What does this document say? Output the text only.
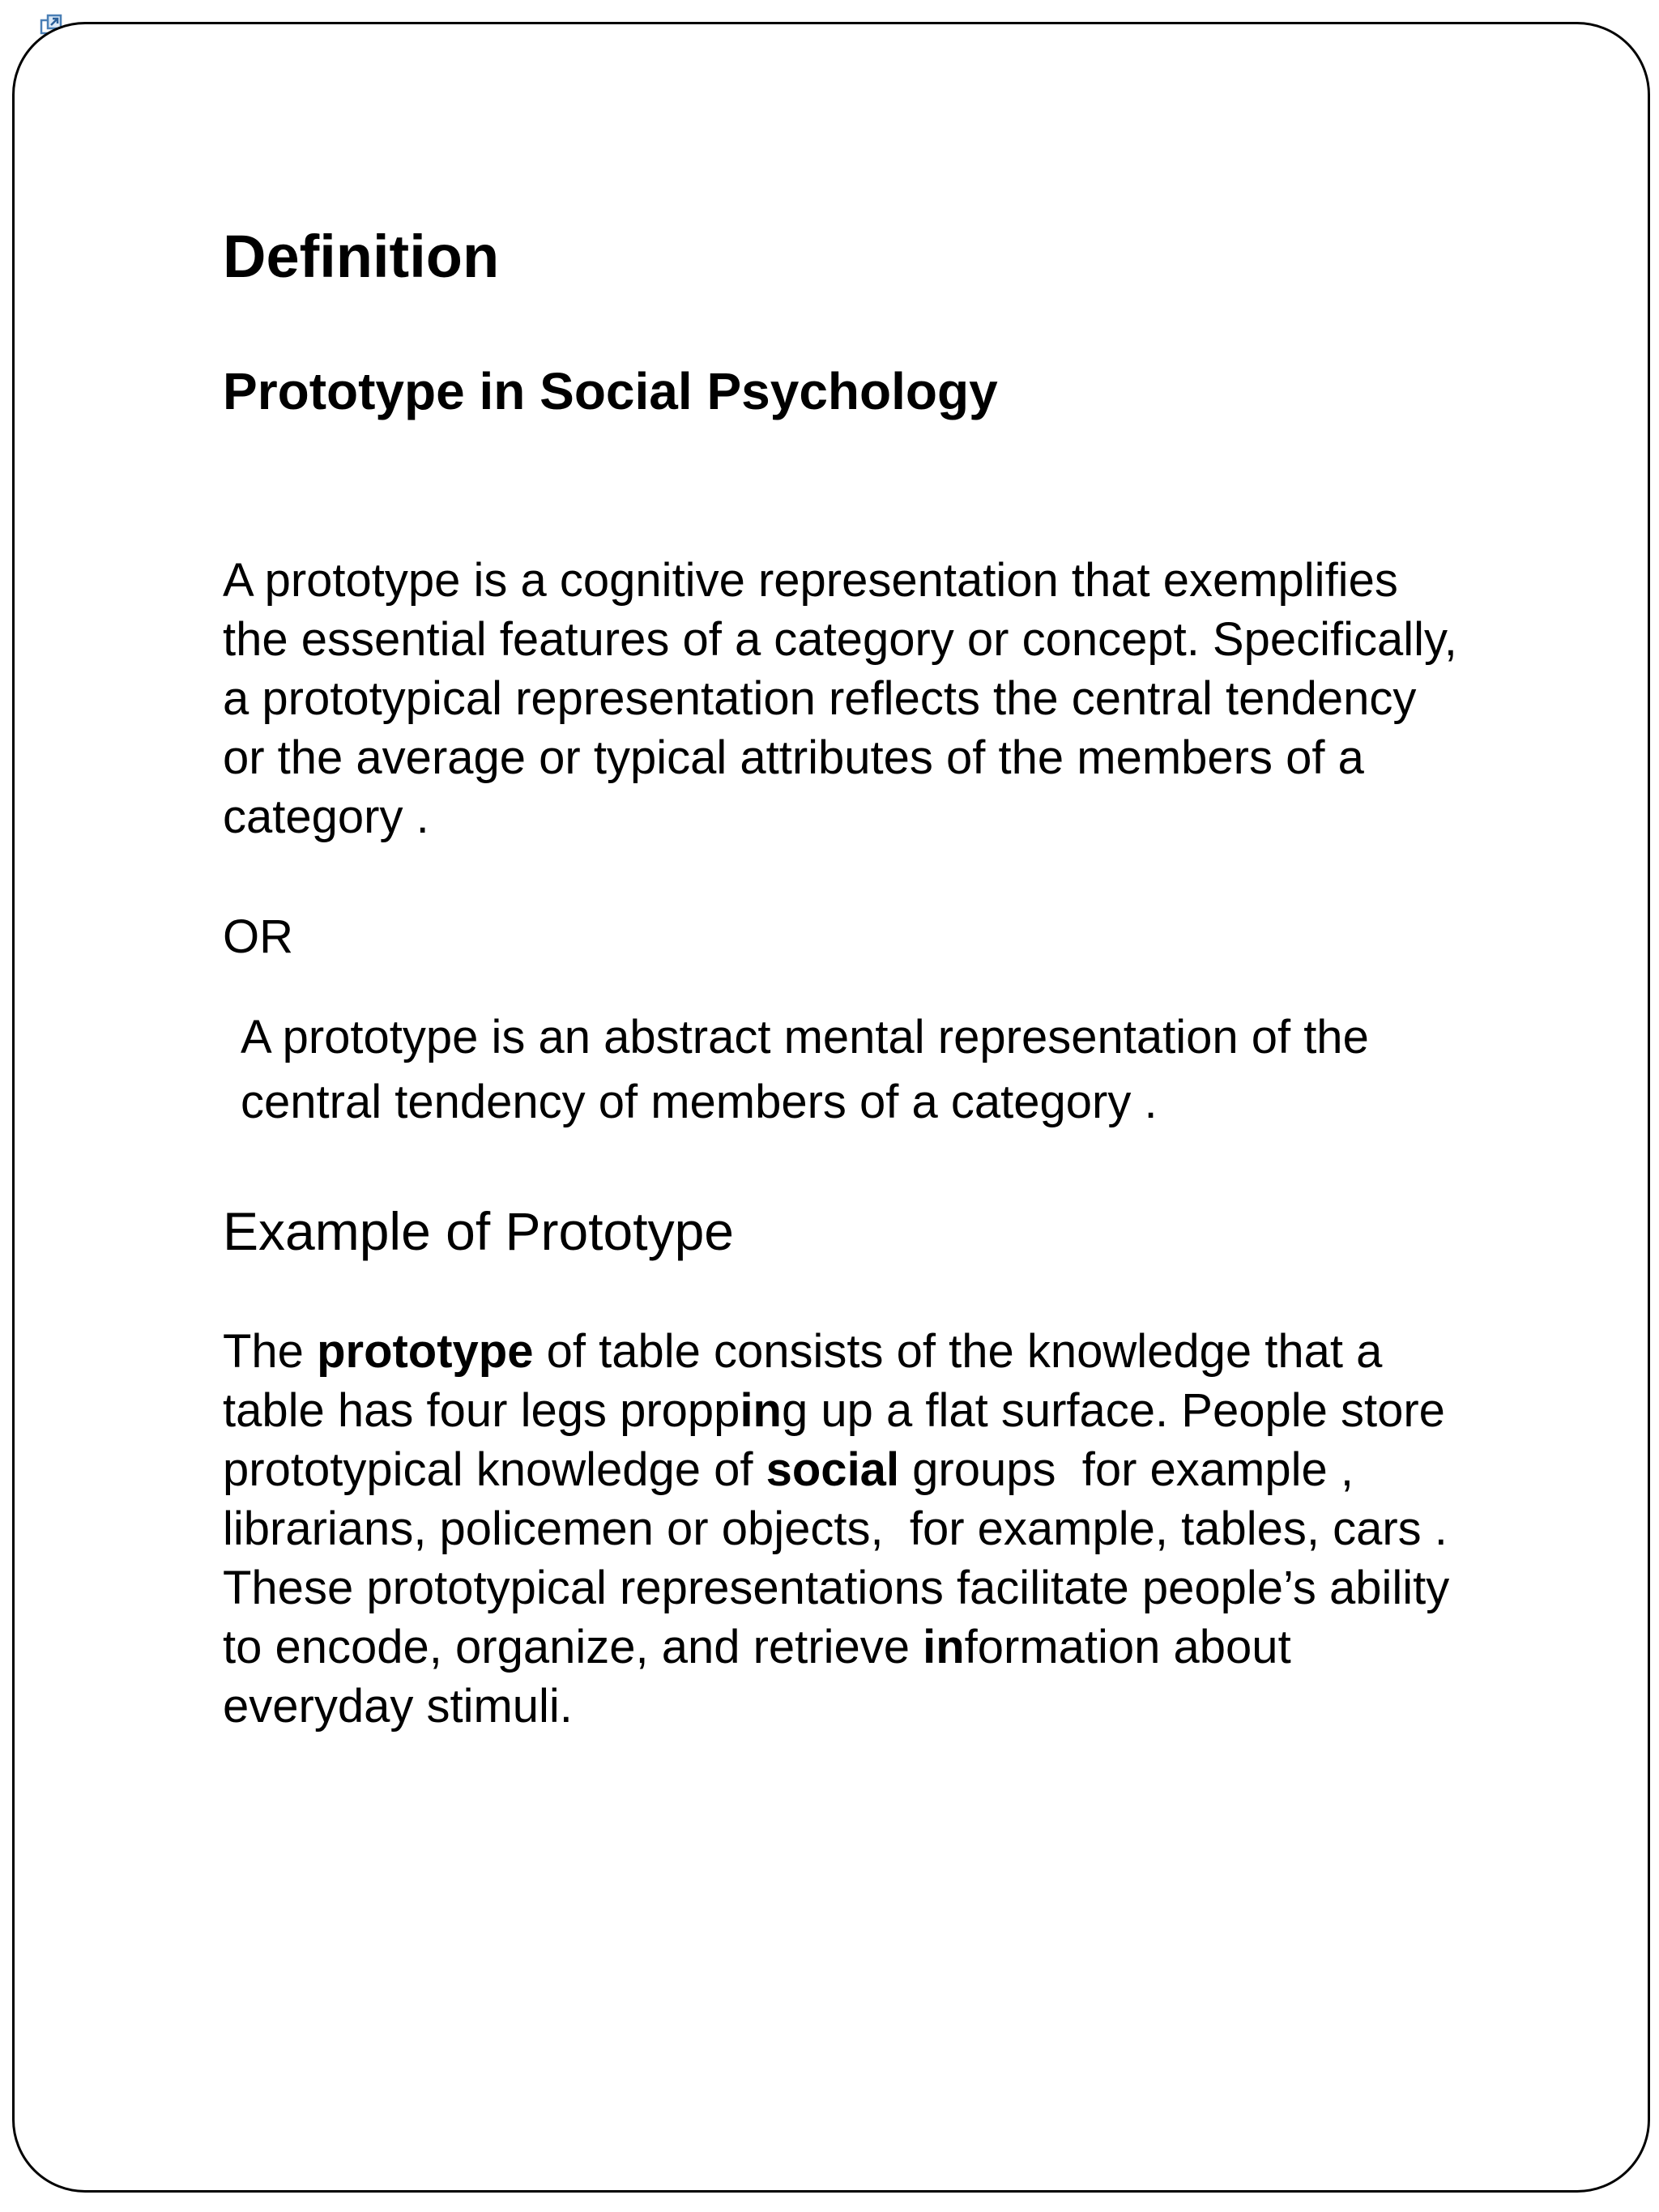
Definition
Prototype in Social Psychology

A prototype is a cognitive representation that exemplifies
the essential features of a category or concept. Specifically,
a prototypical representation reflects the central tendency
or the average or typical attributes of the members of a
category .

OR

A prototype is an abstract mental representation of the
central tendency of members of a category .

Example of Prototype

The prototype of table consists of the knowledge that a
table has four legs propping up a flat surface. People store
prototypical knowledge of social groups  for example ,
librarians, policemen or objects,  for example, tables, cars .
These prototypical representations facilitate people’s ability
to encode, organize, and retrieve information about
everyday stimuli.
